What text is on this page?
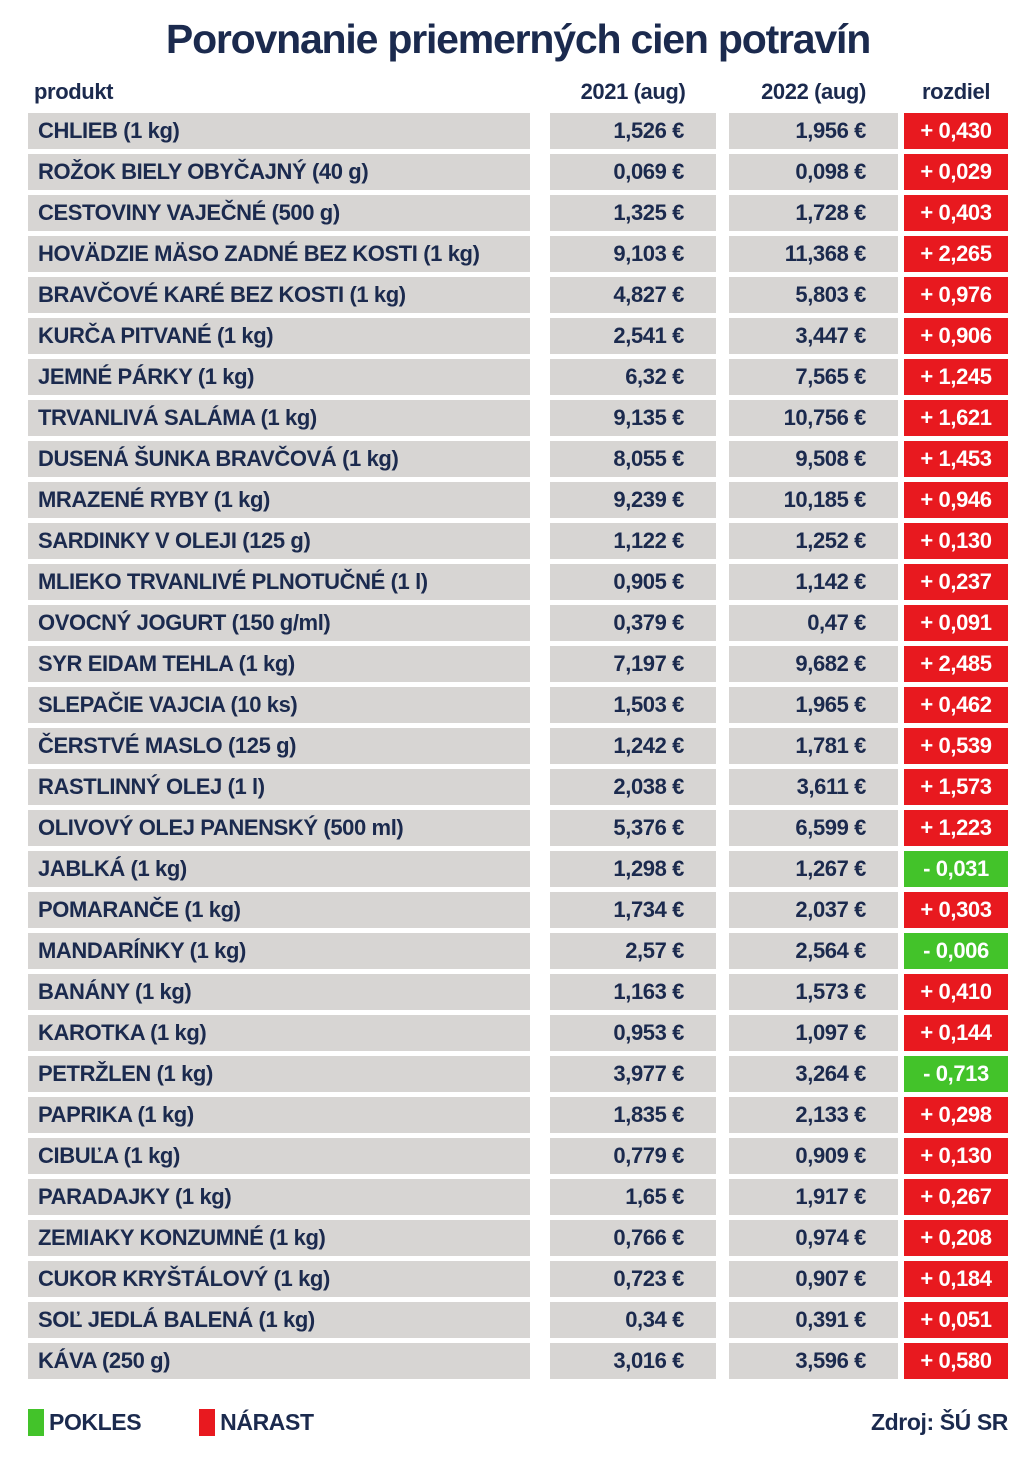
Porovnanie priemerných cien potravín
produkt	2021 (aug)	2022 (aug)	rozdiel
CHLIEB (1 kg)	1,526 €	1,956 €	+ 0,430
ROŽOK BIELY OBYČAJNÝ (40 g)	0,069 €	0,098 €	+ 0,029
CESTOVINY VAJEČNÉ (500 g)	1,325 €	1,728 €	+ 0,403
HOVÄDZIE MÄSO ZADNÉ BEZ KOSTI (1 kg)	9,103 €	11,368 €	+ 2,265
BRAVČOVÉ KARÉ BEZ KOSTI (1 kg)	4,827 €	5,803 €	+ 0,976
KURČA PITVANÉ (1 kg)	2,541 €	3,447 €	+ 0,906
JEMNÉ PÁRKY (1 kg)	6,32 €	7,565 €	+ 1,245
TRVANLIVÁ SALÁMA (1 kg)	9,135 €	10,756 €	+ 1,621
DUSENÁ ŠUNKA BRAVČOVÁ (1 kg)	8,055 €	9,508 €	+ 1,453
MRAZENÉ RYBY (1 kg)	9,239 €	10,185 €	+ 0,946
SARDINKY V OLEJI (125 g)	1,122 €	1,252 €	+ 0,130
MLIEKO TRVANLIVÉ PLNOTUČNÉ (1 l)	0,905 €	1,142 €	+ 0,237
OVOCNÝ JOGURT (150 g/ml)	0,379 €	0,47 €	+ 0,091
SYR EIDAM TEHLA (1 kg)	7,197 €	9,682 €	+ 2,485
SLEPAČIE VAJCIA (10 ks)	1,503 €	1,965 €	+ 0,462
ČERSTVÉ MASLO (125 g)	1,242 €	1,781 €	+ 0,539
RASTLINNÝ OLEJ (1 l)	2,038 €	3,611 €	+ 1,573
OLIVOVÝ OLEJ PANENSKÝ (500 ml)	5,376 €	6,599 €	+ 1,223
JABLKÁ (1 kg)	1,298 €	1,267 €	- 0,031
POMARANČE (1 kg)	1,734 €	2,037 €	+ 0,303
MANDARÍNKY (1 kg)	2,57 €	2,564 €	- 0,006
BANÁNY (1 kg)	1,163 €	1,573 €	+ 0,410
KAROTKA (1 kg)	0,953 €	1,097 €	+ 0,144
PETRŽLEN (1 kg)	3,977 €	3,264 €	- 0,713
PAPRIKA (1 kg)	1,835 €	2,133 €	+ 0,298
CIBUĽA (1 kg)	0,779 €	0,909 €	+ 0,130
PARADAJKY (1 kg)	1,65 €	1,917 €	+ 0,267
ZEMIAKY KONZUMNÉ (1 kg)	0,766 €	0,974 €	+ 0,208
CUKOR KRYŠTÁLOVÝ (1 kg)	0,723 €	0,907 €	+ 0,184
SOĽ JEDLÁ BALENÁ (1 kg)	0,34 €	0,391 €	+ 0,051
KÁVA (250 g)	3,016 €	3,596 €	+ 0,580
POKLES	NÁRAST	Zdroj: ŠÚ SR
